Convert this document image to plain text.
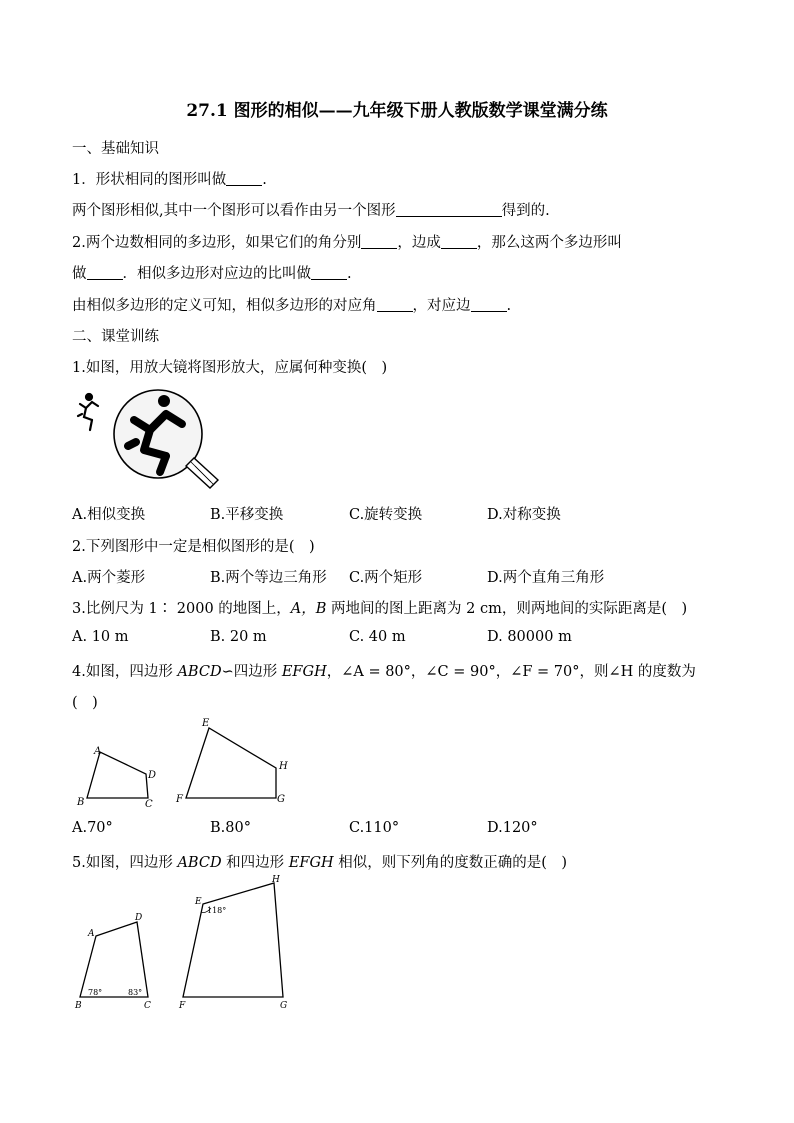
27.1 图形的相似——九年级下册人教版数学课堂满分练
一、基础知识
1．形状相同的图形叫做 .
两个图形相似,其中一个图形可以看作由另一个图形	得到的.
2.两个边数相同的多边形，如果它们的角分别 ，边成 ，那么这两个多边形叫
做 ．相似多边形对应边的比叫做 .
由相似多边形的定义可知，相似多边形的对应角 ，对应边 .
二、课堂训练
1.如图，用放大镜将图形放大，应属何种变换(　)
A.相似变换	B.平移变换	C.旋转变换	D.对称变换
2.下列图形中一定是相似图形的是(　)
A.两个菱形	B.两个等边三角形 C.两个矩形	D.两个直角三角形
3.比例尺为 1∶ 2000 的地图上，A，B 两地间的图上距离为 2 cm，则两地间的实际距离是(　)
A. 10 m	B. 20 m	C. 40 m	D. 80000 m
4.如图，四边形 ABCD∽四边形 EFGH，∠A = 80°，∠C = 90°，∠F = 70°，则∠H 的度数为
(　)
A
B	C
D
E
F	G
H
A.70°	B.80°	C.110°	D.120°
5.如图，四边形 ABCD 和四边形 EFGH 相似，则下列角的度数正确的是(　)
A
B	C
D
E
F	G
H
78°	83°
118°
